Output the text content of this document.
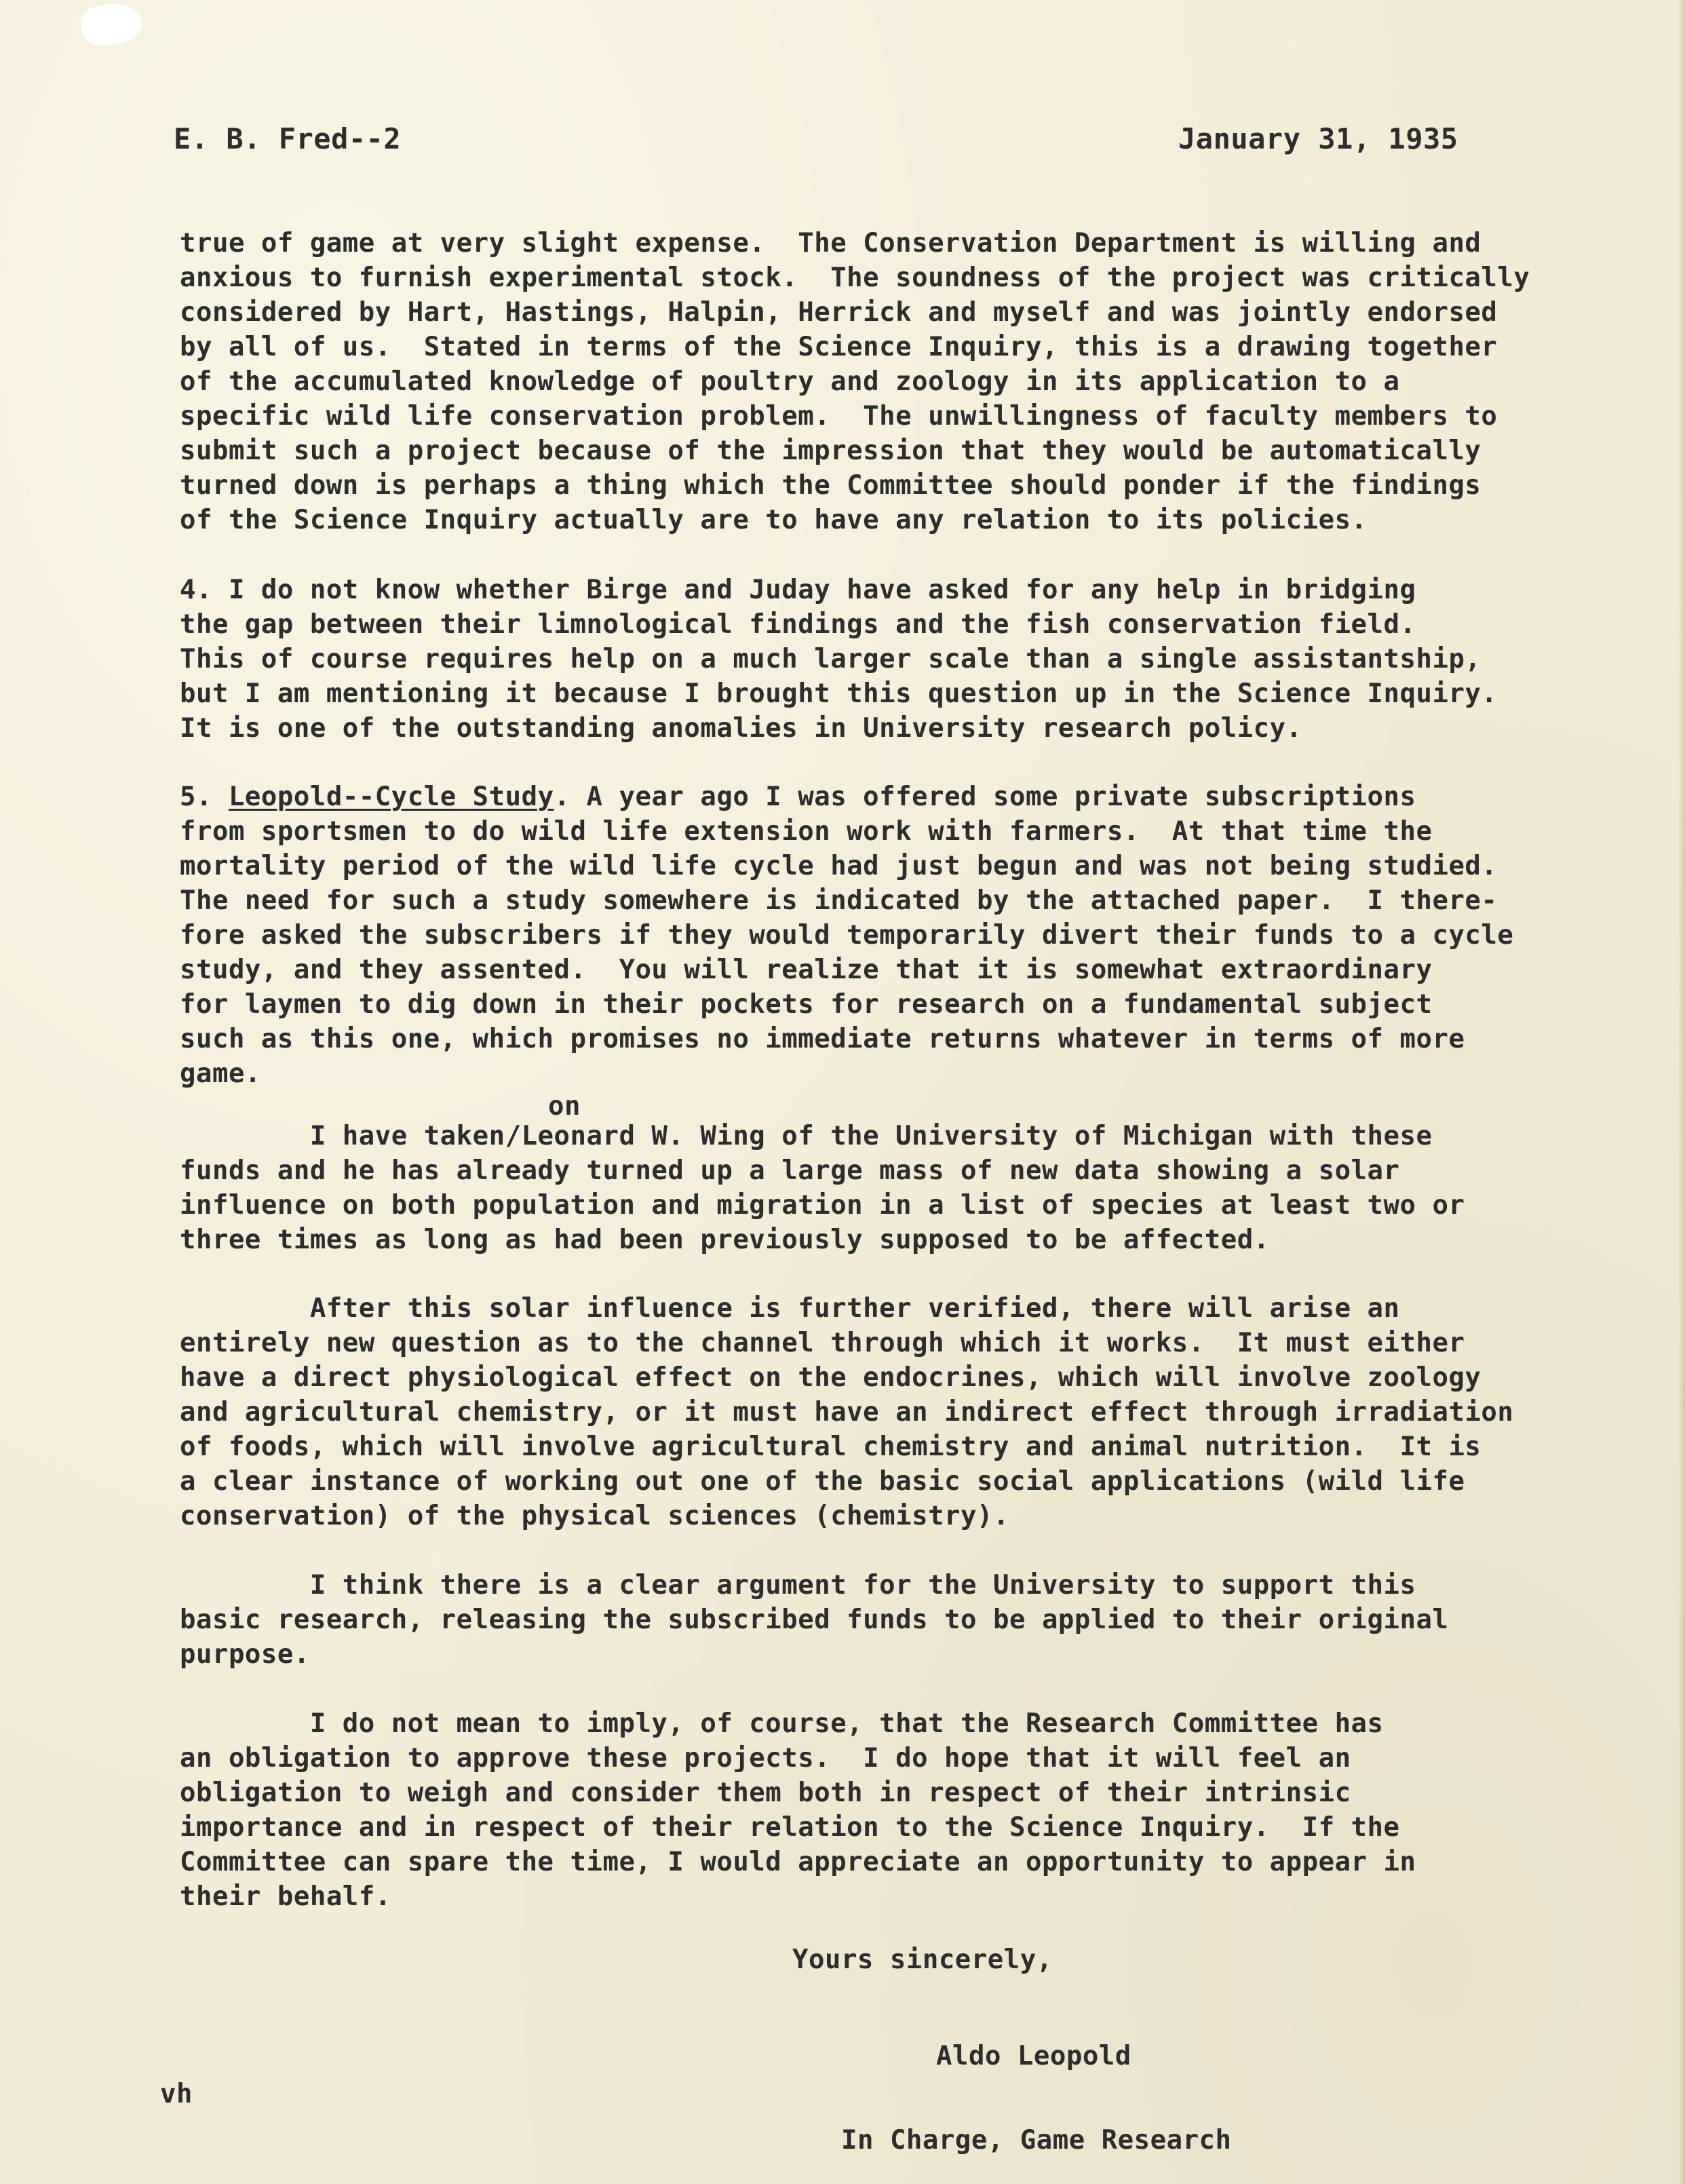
E. B. Fred--2	January 31, 1935
true of game at very slight expense.  The Conservation Department is willing and
anxious to furnish experimental stock.  The soundness of the project was critically
considered by Hart, Hastings, Halpin, Herrick and myself and was jointly endorsed
by all of us.  Stated in terms of the Science Inquiry, this is a drawing together
of the accumulated knowledge of poultry and zoology in its application to a
specific wild life conservation problem.  The unwillingness of faculty members to
submit such a project because of the impression that they would be automatically
turned down is perhaps a thing which the Committee should ponder if the findings
of the Science Inquiry actually are to have any relation to its policies.
4. I do not know whether Birge and Juday have asked for any help in bridging
the gap between their limnological findings and the fish conservation field.
This of course requires help on a much larger scale than a single assistantship,
but I am mentioning it because I brought this question up in the Science Inquiry.
It is one of the outstanding anomalies in University research policy.
5. Leopold--Cycle Study. A year ago I was offered some private subscriptions
from sportsmen to do wild life extension work with farmers.  At that time the
mortality period of the wild life cycle had just begun and was not being studied.
The need for such a study somewhere is indicated by the attached paper.  I there-
fore asked the subscribers if they would temporarily divert their funds to a cycle
study, and they assented.  You will realize that it is somewhat extraordinary
for laymen to dig down in their pockets for research on a fundamental subject
such as this one, which promises no immediate returns whatever in terms of more
game.
on
I have taken/Leonard W. Wing of the University of Michigan with these
funds and he has already turned up a large mass of new data showing a solar
influence on both population and migration in a list of species at least two or
three times as long as had been previously supposed to be affected.
After this solar influence is further verified, there will arise an
entirely new question as to the channel through which it works.  It must either
have a direct physiological effect on the endocrines, which will involve zoology
and agricultural chemistry, or it must have an indirect effect through irradiation
of foods, which will involve agricultural chemistry and animal nutrition.  It is
a clear instance of working out one of the basic social applications (wild life
conservation) of the physical sciences (chemistry).
I think there is a clear argument for the University to support this
basic research, releasing the subscribed funds to be applied to their original
purpose.
I do not mean to imply, of course, that the Research Committee has
an obligation to approve these projects.  I do hope that it will feel an
obligation to weigh and consider them both in respect of their intrinsic
importance and in respect of their relation to the Science Inquiry.  If the
Committee can spare the time, I would appreciate an opportunity to appear in
their behalf.
Yours sincerely,
Aldo Leopold
In Charge, Game Research
vh
